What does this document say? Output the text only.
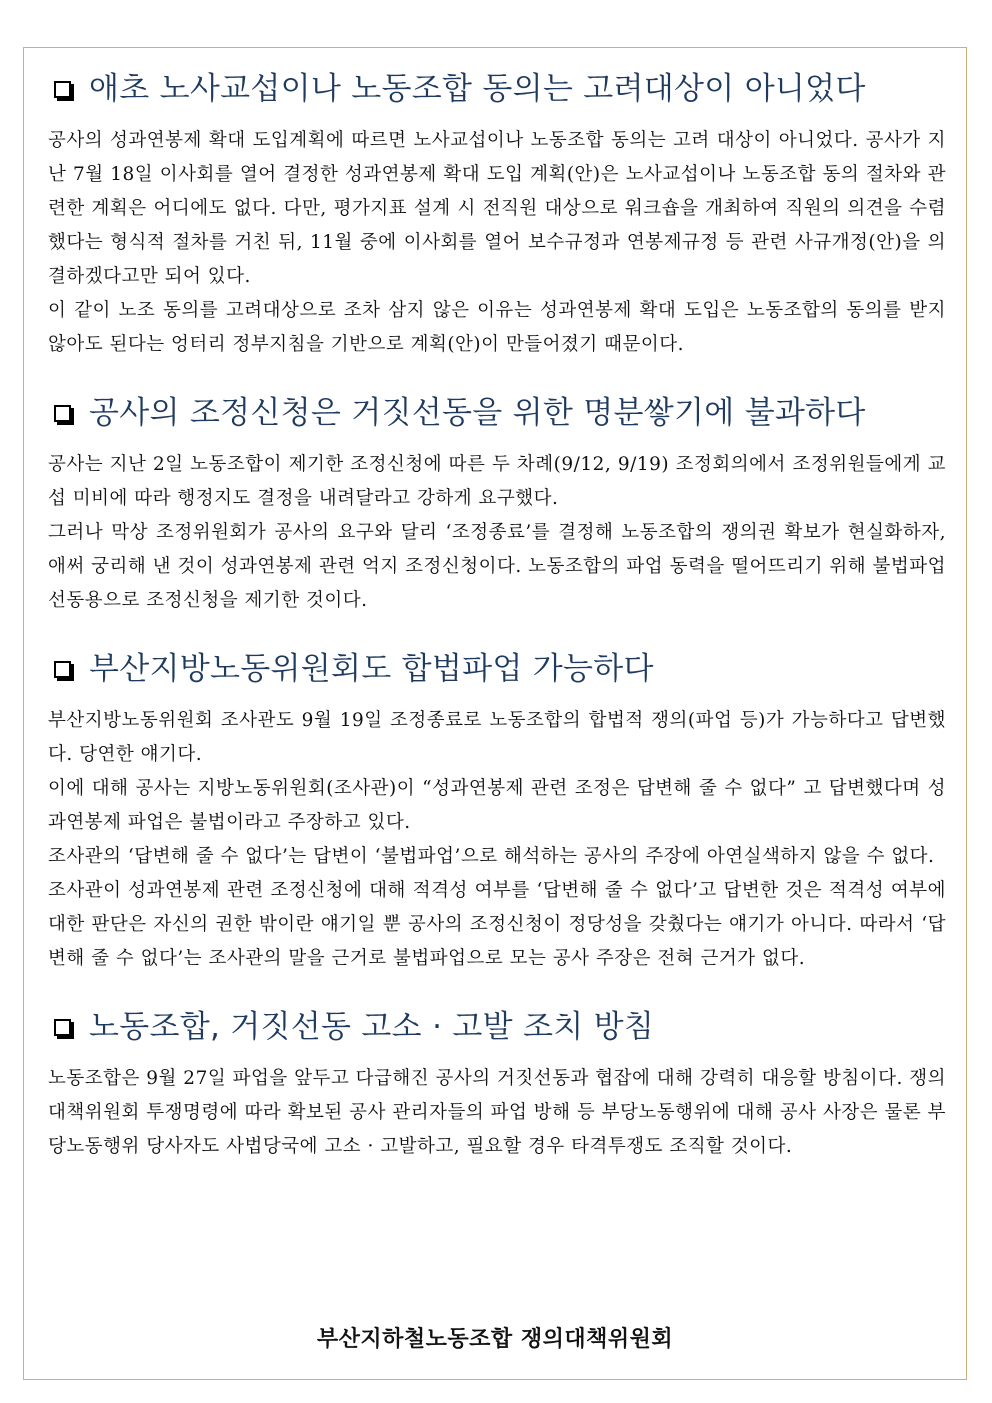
애초 노사교섭이나 노동조합 동의는 고려대상이 아니었다

공사의 성과연봉제 확대 도입계획에 따르면 노사교섭이나 노동조합 동의는 고려 대상이 아니었다. 공사가 지난 7월 18일 이사회를 열어 결정한 성과연봉제 확대 도입 계획(안)은 노사교섭이나 노동조합 동의 절차와 관련한 계획은 어디에도 없다. 다만, 평가지표 설계 시 전직원 대상으로 워크숍을 개최하여 직원의 의견을 수렴했다는 형식적 절차를 거친 뒤, 11월 중에 이사회를 열어 보수규정과 연봉제규정 등 관련 사규개정(안)을 의결하겠다고만 되어 있다.

이 같이 노조 동의를 고려대상으로 조차 삼지 않은 이유는 성과연봉제 확대 도입은 노동조합의 동의를 받지 않아도 된다는 엉터리 정부지침을 기반으로 계획(안)이 만들어졌기 때문이다.

공사의 조정신청은 거짓선동을 위한 명분쌓기에 불과하다

공사는 지난 2일 노동조합이 제기한 조정신청에 따른 두 차례(9/12, 9/19) 조정회의에서 조정위원들에게 교섭 미비에 따라 행정지도 결정을 내려달라고 강하게 요구했다.

그러나 막상 조정위원회가 공사의 요구와 달리 ‘조정종료’를 결정해 노동조합의 쟁의권 확보가 현실화하자, 애써 궁리해 낸 것이 성과연봉제 관련 억지 조정신청이다. 노동조합의 파업 동력을 떨어뜨리기 위해 불법파업 선동용으로 조정신청을 제기한 것이다.

부산지방노동위원회도 합법파업 가능하다

부산지방노동위원회 조사관도 9월 19일 조정종료로 노동조합의 합법적 쟁의(파업 등)가 가능하다고 답변했다. 당연한 얘기다.

이에 대해 공사는 지방노동위원회(조사관)이 “성과연봉제 관련 조정은 답변해 줄 수 없다” 고 답변했다며 성과연봉제 파업은 불법이라고 주장하고 있다.

조사관의 ‘답변해 줄 수 없다’는 답변이 ‘불법파업’으로 해석하는 공사의 주장에 아연실색하지 않을 수 없다.

조사관이 성과연봉제 관련 조정신청에 대해 적격성 여부를 ‘답변해 줄 수 없다’고 답변한 것은 적격성 여부에 대한 판단은 자신의 권한 밖이란 얘기일 뿐 공사의 조정신청이 정당성을 갖췄다는 얘기가 아니다. 따라서 ‘답변해 줄 수 없다’는 조사관의 말을 근거로 불법파업으로 모는 공사 주장은 전혀 근거가 없다.

노동조합, 거짓선동 고소 · 고발 조치 방침

노동조합은 9월 27일 파업을 앞두고 다급해진 공사의 거짓선동과 협잡에 대해 강력히 대응할 방침이다. 쟁의대책위원회 투쟁명령에 따라 확보된 공사 관리자들의 파업 방해 등 부당노동행위에 대해 공사 사장은 물론 부당노동행위 당사자도 사법당국에 고소 · 고발하고, 필요할 경우 타격투쟁도 조직할 것이다.

부산지하철노동조합 쟁의대책위원회
